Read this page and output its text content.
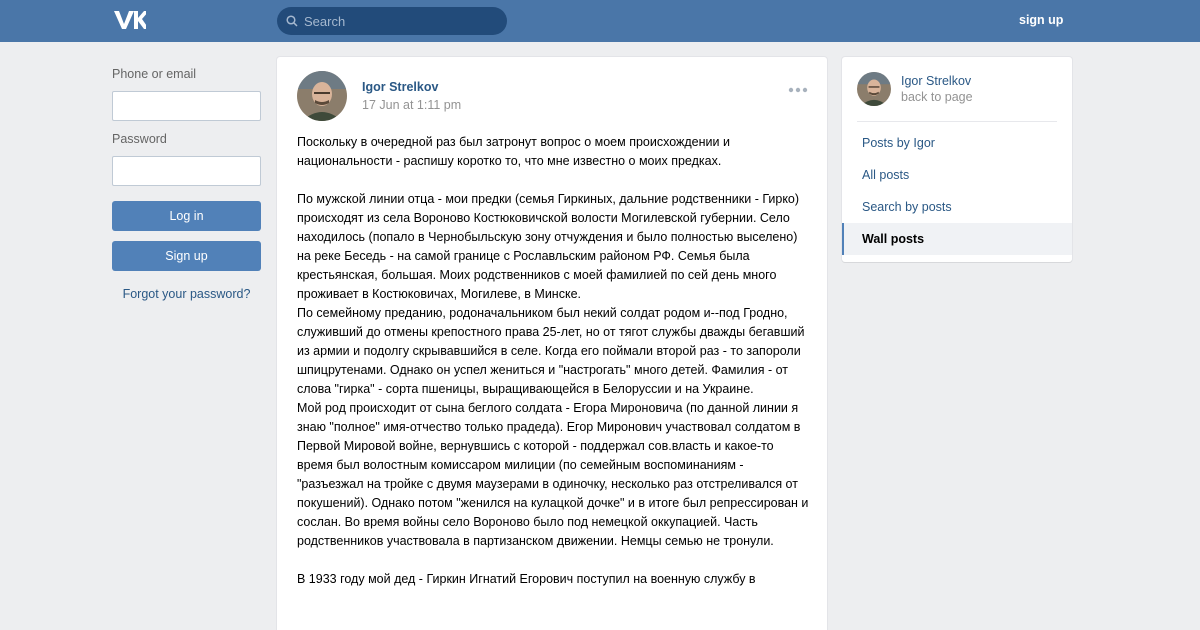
Search
sign up
Phone or email
Password
Log in
Sign up
Forgot your password?
Igor Strelkov
17 Jun at 1:11 pm

Поскольку в очередной раз был затронут вопрос о моем происхождении и национальности - распишу коротко то, что мне известно о моих предках.

По мужской линии отца - мои предки (семья Гиркиных, дальние родственники - Гирко) происходят из села Вороново Костюковичской волости Могилевской губернии. Село находилось (попало в Чернобыльскую зону отчуждения и было полностью выселено) на реке Беседь - на самой границе с Рославльским районом РФ. Семья была крестьянская, большая. Моих родственников с моей фамилией по сей день много проживает в Костюковичах, Могилеве, в Минске.

По семейному преданию, родоначальником был некий солдат родом и--под Гродно, служивший до отмены крепостного права 25-лет, но от тягот службы дважды бегавший из армии и подолгу скрывавшийся в селе. Когда его поймали второй раз - то запороли шпицрутенами. Однако он успел жениться и "настрогать" много детей. Фамилия - от слова "гирка" - сорта пшеницы, выращивающейся в Белоруссии и на Украине.

Мой род происходит от сына беглого солдата - Егора Мироновича (по данной линии я знаю "полное" имя-отчество только прадеда). Егор Миронович участвовал солдатом в Первой Мировой войне, вернувшись с которой - поддержал сов.власть и какое-то время был волостным комиссаром милиции (по семейным воспоминаниям - "разъезжал на тройке с двумя маузерами в одиночку, несколько раз отстреливался от покушений). Однако потом "женился на кулацкой дочке" и в итоге был репрессирован и сослан. Во время войны село Вороново было под немецкой оккупацией. Часть родственников участвовала в партизанском движении. Немцы семью не тронули.

В 1933 году мой дед - Гиркин Игнатий Егорович поступил на военную службу в

Igor Strelkov
back to page
Posts by Igor
All posts
Search by posts
Wall posts
